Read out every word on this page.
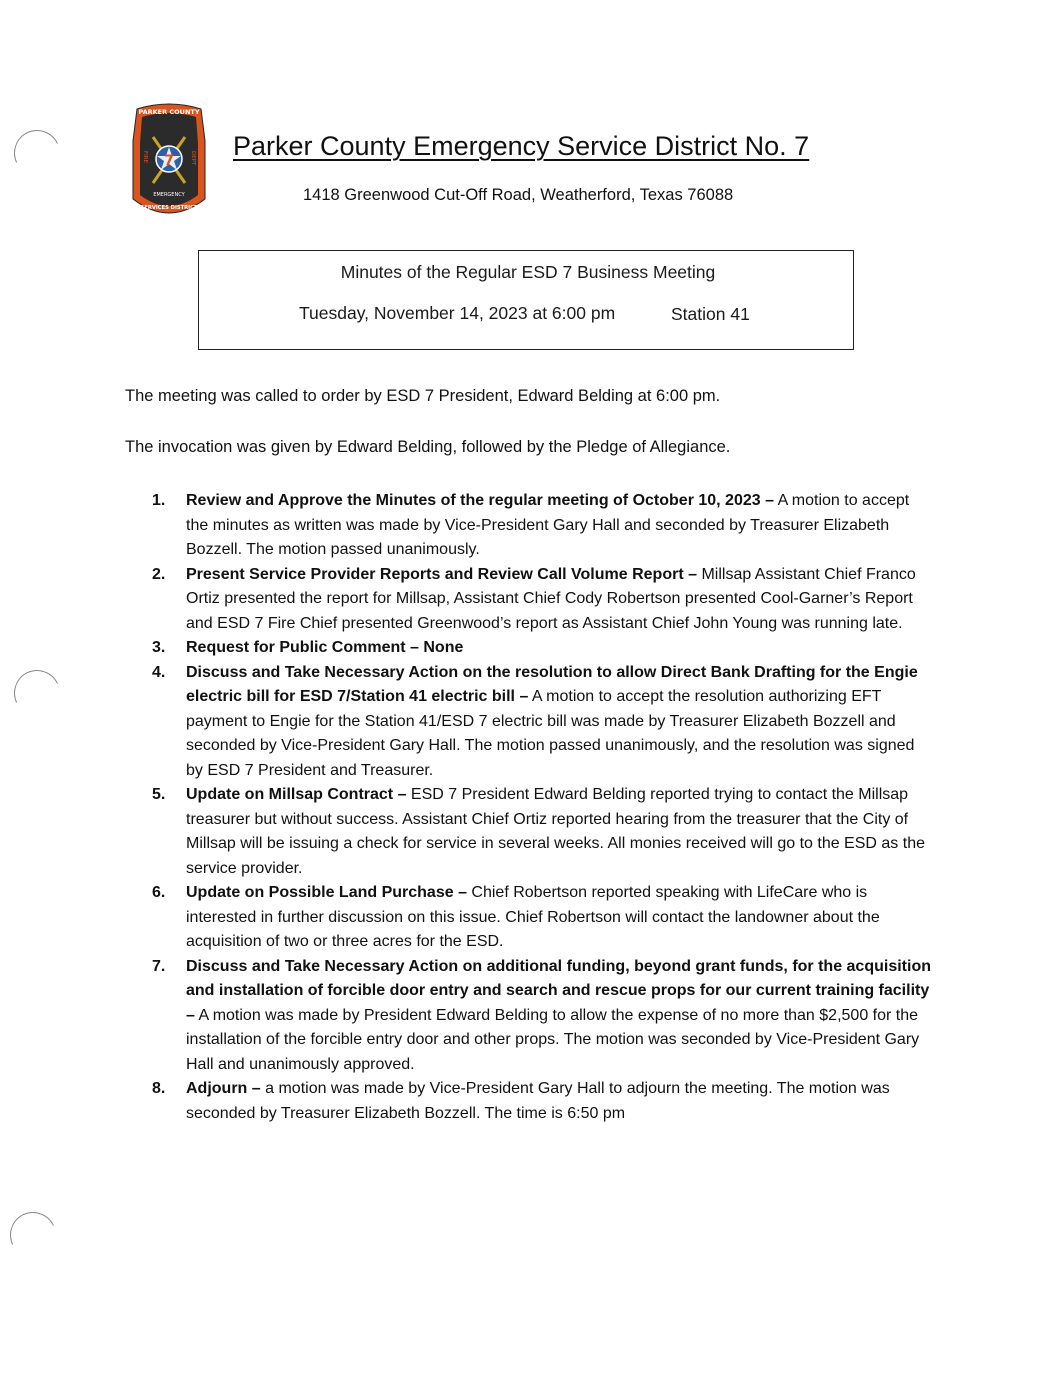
PARKER COUNTY
7
FIRE	DEPT
EMERGENCY
SERVICES DISTRICT
Parker County Emergency Service District No. 7
1418 Greenwood Cut-Off Road, Weatherford, Texas 76088
Minutes of the Regular ESD 7 Business Meeting
Tuesday, November 14, 2023 at 6:00 pm	Station 41
The meeting was called to order by ESD 7 President, Edward Belding at 6:00 pm.
The invocation was given by Edward Belding, followed by the Pledge of Allegiance.
1.	Review and Approve the Minutes of the regular meeting of October 10, 2023 – A motion to accept the minutes as written was made by Vice-President Gary Hall and seconded by Treasurer Elizabeth Bozzell. The motion passed unanimously.
2.	Present Service Provider Reports and Review Call Volume Report – Millsap Assistant Chief Franco Ortiz presented the report for Millsap, Assistant Chief Cody Robertson presented Cool-Garner’s Report and ESD 7 Fire Chief presented Greenwood’s report as Assistant Chief John Young was running late.
3.	Request for Public Comment – None
4.	Discuss and Take Necessary Action on the resolution to allow Direct Bank Drafting for the Engie electric bill for ESD 7/Station 41 electric bill – A motion to accept the resolution authorizing EFT payment to Engie for the Station 41/ESD 7 electric bill was made by Treasurer Elizabeth Bozzell and seconded by Vice-President Gary Hall. The motion passed unanimously, and the resolution was signed by ESD 7 President and Treasurer.
5.	Update on Millsap Contract – ESD 7 President Edward Belding reported trying to contact the Millsap treasurer but without success. Assistant Chief Ortiz reported hearing from the treasurer that the City of Millsap will be issuing a check for service in several weeks. All monies received will go to the ESD as the service provider.
6.	Update on Possible Land Purchase – Chief Robertson reported speaking with LifeCare who is interested in further discussion on this issue. Chief Robertson will contact the landowner about the acquisition of two or three acres for the ESD.
7.	Discuss and Take Necessary Action on additional funding, beyond grant funds, for the acquisition and installation of forcible door entry and search and rescue props for our current training facility – A motion was made by President Edward Belding to allow the expense of no more than $2,500 for the installation of the forcible entry door and other props. The motion was seconded by Vice-President Gary Hall and unanimously approved.
8.	Adjourn – a motion was made by Vice-President Gary Hall to adjourn the meeting. The motion was seconded by Treasurer Elizabeth Bozzell. The time is 6:50 pm
